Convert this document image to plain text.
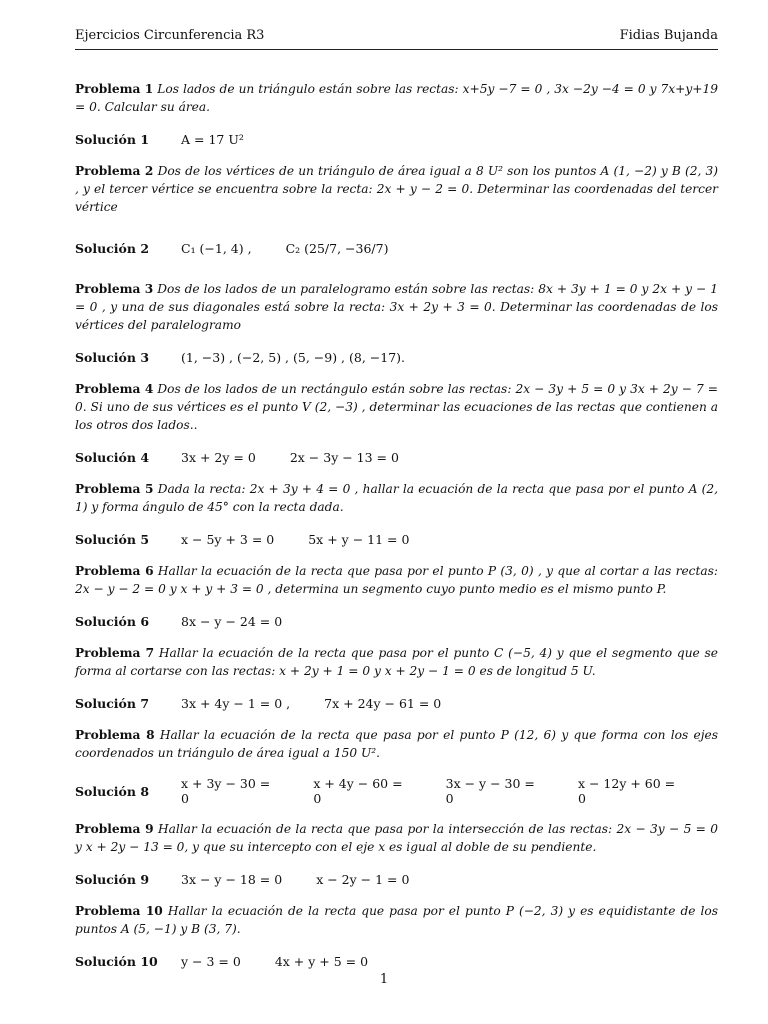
Ejercicios Circunferencia R3	Fidias Bujanda

Problema 1 Los lados de un triángulo están sobre las rectas: x+5y −7 = 0 , 3x −2y −4 = 0 y 7x+y+19 = 0. Calcular su área.

Solución 1	A = 17 U²

Problema 2 Dos de los vértices de un triángulo de área igual a 8 U² son los puntos A (1, −2) y B (2, 3) , y el tercer vértice se encuentra sobre la recta: 2x + y − 2 = 0. Determinar las coordenadas del tercer vértice

Solución 2	C₁ (−1, 4) ,	C₂ (25/7, −36/7)

Problema 3 Dos de los lados de un paralelogramo están sobre las rectas: 8x + 3y + 1 = 0 y 2x + y − 1 = 0 , y una de sus diagonales está sobre la recta: 3x + 2y + 3 = 0. Determinar las coordenadas de los vértices del paralelogramo

Solución 3	(1, −3) , (−2, 5) , (5, −9) , (8, −17).

Problema 4 Dos de los lados de un rectángulo están sobre las rectas: 2x − 3y + 5 = 0 y 3x + 2y − 7 = 0. Si uno de sus vértices es el punto V (2, −3) , determinar las ecuaciones de las rectas que contienen a los otros dos lados..

Solución 4	3x + 2y = 0	2x − 3y − 13 = 0

Problema 5 Dada la recta: 2x + 3y + 4 = 0 , hallar la ecuación de la recta que pasa por el punto A (2, 1) y forma ángulo de 45° con la recta dada.

Solución 5	x − 5y + 3 = 0	5x + y − 11 = 0

Problema 6 Hallar la ecuación de la recta que pasa por el punto P (3, 0) , y que al cortar a las rectas: 2x − y − 2 = 0 y x + y + 3 = 0 , determina un segmento cuyo punto medio es el mismo punto P.

Solución 6	8x − y − 24 = 0

Problema 7 Hallar la ecuación de la recta que pasa por el punto C (−5, 4) y que el segmento que se forma al cortarse con las rectas: x + 2y + 1 = 0 y x + 2y − 1 = 0 es de longitud 5 U.

Solución 7	3x + 4y − 1 = 0 ,	7x + 24y − 61 = 0

Problema 8 Hallar la ecuación de la recta que pasa por el punto P (12, 6) y que forma con los ejes coordenados un triángulo de área igual a 150 U².

Solución 8	x + 3y − 30 = 0
x + 4y − 60 = 0
3x − y − 30 = 0
x − 12y + 60 = 0

Problema 9 Hallar la ecuación de la recta que pasa por la intersección de las rectas: 2x − 3y − 5 = 0 y x + 2y − 13 = 0, y que su intercepto con el eje x es igual al doble de su pendiente.

Solución 9	3x − y − 18 = 0	x − 2y − 1 = 0

Problema 10 Hallar la ecuación de la recta que pasa por el punto P (−2, 3) y es equidistante de los puntos A (5, −1) y B (3, 7).

Solución 10	y − 3 = 0	4x + y + 5 = 0
1
